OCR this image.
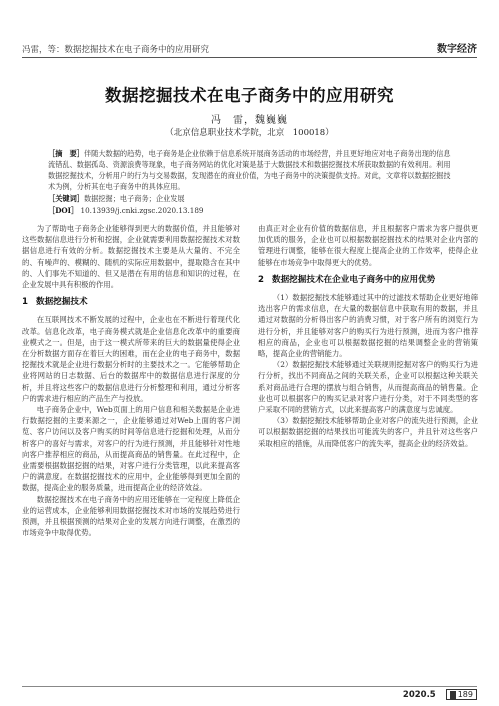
冯雷，等：数据挖掘技术在电子商务中的应用研究	数字经济
数据挖掘技术在电子商务中的应用研究
冯　雷，魏巍巍
（北京信息职业技术学院，北京　100018）

［摘　要］伴随大数据的趋势，电子商务是企业依赖于信息系统开展商务活动的市场经营，并且更好地应对电子商务出现的信息流错乱、数据孤岛、资源浪费等现象，电子商务网站的优化对策是基于大数据技术和数据挖掘技术所获取数据的有效利用。利用数据挖掘技术，分析用户的行为与交易数据，发现潜在的商业价值，为电子商务中的决策提供支持。对此，文章将以数据挖掘技术为例，分析其在电子商务中的具体应用。

［关键词］数据挖掘；电子商务；企业发展

［DOI］ 10.13939/j.cnki.zgsc.2020.13.189

为了帮助电子商务企业能够得到更大的数据价值，并且能够对这些数据信息进行分析和挖掘，企业就需要利用数据挖掘技术对数据信息进行有效的分析。数据挖掘技术主要是从大量的、不完全的、有噪声的、模糊的、随机的实际应用数据中，提取隐含在其中的、人们事先不知道的、但又是潜在有用的信息和知识的过程，在企业发展中具有积极的作用。

1 数据挖掘技术

在互联网技术不断发展的过程中，企业也在不断进行着现代化改革。信息化改革，电子商务模式就是企业信息化改革中的重要商业模式之一。但是，由于这一模式所带来的巨大的数据量使得企业在分析数据方面存在着巨大的困难，而在企业的电子商务中，数据挖掘技术就是企业进行数据分析时的主要技术之一。它能够帮助企业将网站的日志数据、后台的数据库中的数据信息进行深度的分析，并且将这些客户的数据信息进行分析整理和利用，通过分析客户的需求进行相应的产品生产与投放。

电子商务企业中，Web页面上的用户信息和相关数据是企业进行数据挖掘的主要来源之一，企业能够通过对Web上面的客户浏览、客户访问以及客户购买的时间等信息进行挖掘和处理，从而分析客户的喜好与需求，对客户的行为进行预测，并且能够针对性地向客户推荐相应的商品，从而提高商品的销售量。在此过程中，企业需要根据数据挖掘的结果，对客户进行分类管理，以此来提高客户的满意度。在数据挖掘技术的应用中，企业能够得到更加全面的数据，提高企业的服务质量，进而提高企业的经济效益。

数据挖掘技术在电子商务中的应用还能够在一定程度上降低企业的运营成本，企业能够利用数据挖掘技术对市场的发展趋势进行预测，并且根据预测的结果对企业的发展方向进行调整，在激烈的市场竞争中取得优势。

由真正对企业有价值的数据信息，并且根据客户需求为客户提供更加优质的服务，企业也可以根据数据挖掘技术的结果对企业内部的管理进行调整，能够在很大程度上提高企业的工作效率，使得企业能够在市场竞争中取得更大的优势。

2 数据挖掘技术在企业电子商务中的应用优势

（1）数据挖掘技术能够通过其中的过滤技术帮助企业更好地筛选出客户的需求信息，在大量的数据信息中获取有用的数据，并且通过对数据的分析得出客户的消费习惯，对于客户所有的浏览行为进行分析，并且能够对客户的购买行为进行预测，进而为客户推荐相应的商品，企业也可以根据数据挖掘的结果调整企业的营销策略，提高企业的营销能力。

（2）数据挖掘技术能够通过关联规则挖掘对客户的购买行为进行分析，找出不同商品之间的关联关系，企业可以根据这种关联关系对商品进行合理的摆放与组合销售，从而提高商品的销售量。企业也可以根据客户的购买记录对客户进行分类，对于不同类型的客户采取不同的营销方式，以此来提高客户的满意度与忠诚度。

（3）数据挖掘技术能够帮助企业对客户的流失进行预测，企业可以根据数据挖掘的结果找出可能流失的客户，并且针对这些客户采取相应的措施，从而降低客户的流失率，提高企业的经济效益。

2020.5	189
